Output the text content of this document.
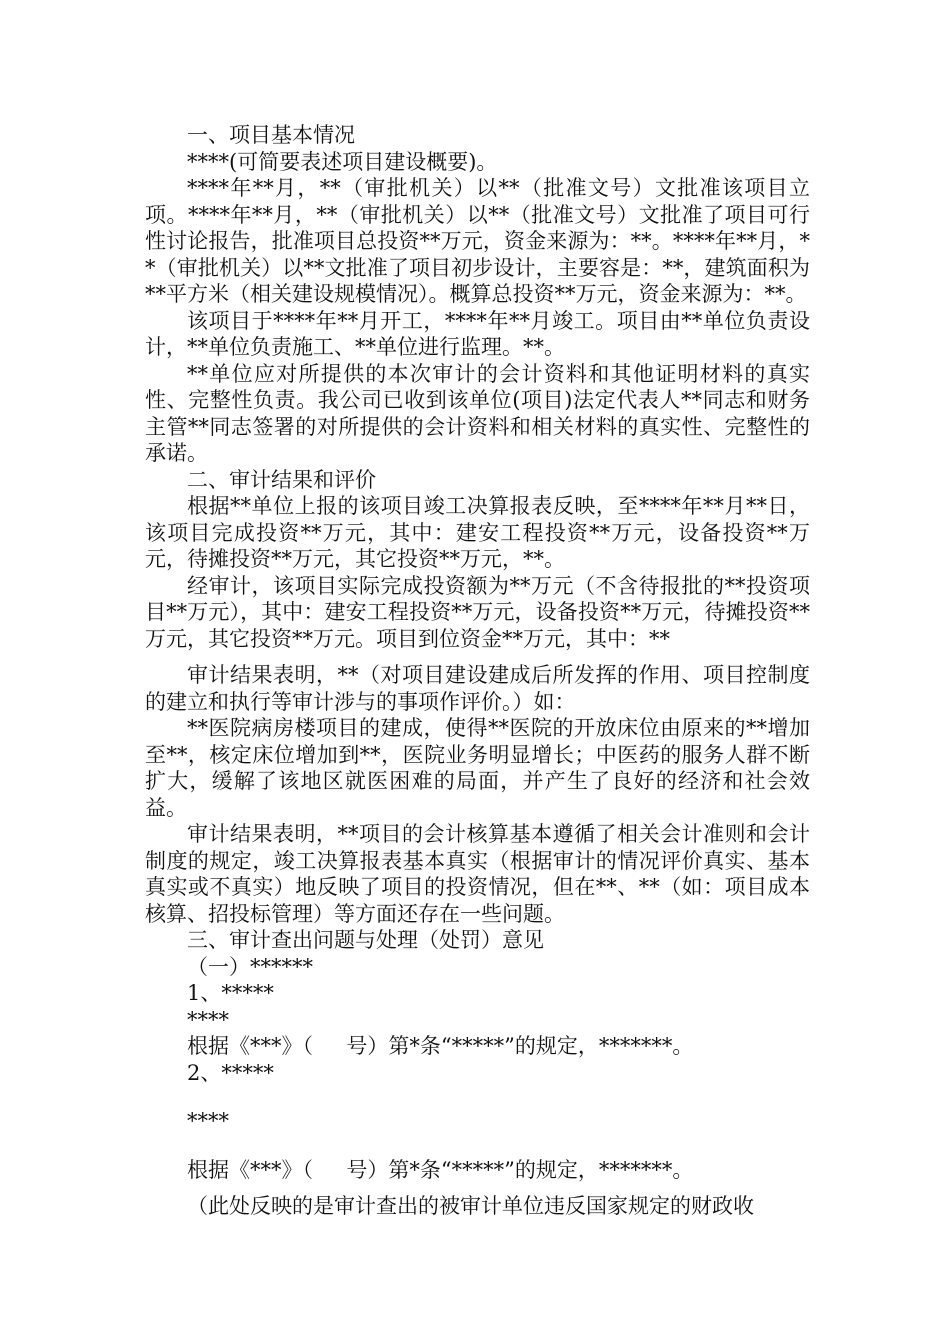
一、项目基本情况

****(可简要表述项目建设概要)。

****年**月，**（审批机关）以**（批准文号）文批准该项目立项。****年**月，**（审批机关）以**（批准文号）文批准了项目可行性讨论报告，批准项目总投资**万元，资金来源为：**。****年**月，**（审批机关）以**文批准了项目初步设计，主要容是：**，建筑面积为**平方米（相关建设规模情况）。概算总投资**万元，资金来源为：**。

该项目于****年**月开工，****年**月竣工。项目由**单位负责设计，**单位负责施工、**单位进行监理。**。

**单位应对所提供的本次审计的会计资料和其他证明材料的真实性、完整性负责。我公司已收到该单位(项目)法定代表人**同志和财务主管**同志签署的对所提供的会计资料和相关材料的真实性、完整性的承诺。

二、审计结果和评价

根据**单位上报的该项目竣工决算报表反映，至****年**月**日，该项目完成投资**万元，其中：建安工程投资**万元，设备投资**万元，待摊投资**万元，其它投资**万元，**。

经审计，该项目实际完成投资额为**万元（不含待报批的**投资项目**万元），其中：建安工程投资**万元，设备投资**万元，待摊投资**万元，其它投资**万元。项目到位资金**万元，其中：**

审计结果表明，**（对项目建设建成后所发挥的作用、项目控制度的建立和执行等审计涉与的事项作评价。）如：

**医院病房楼项目的建成，使得**医院的开放床位由原来的**增加至**，核定床位增加到**，医院业务明显增长；中医药的服务人群不断扩大，缓解了该地区就医困难的局面，并产生了良好的经济和社会效益。

审计结果表明，**项目的会计核算基本遵循了相关会计准则和会计制度的规定，竣工决算报表基本真实（根据审计的情况评价真实、基本真实或不真实）地反映了项目的投资情况，但在**、**（如：项目成本核算、招投标管理）等方面还存在一些问题。

三、审计查出问题与处理（处罚）意见

（一）******

1、*****

****

根据《***》（     号）第*条“*****”的规定，*******。

2、*****

****

根据《***》（     号）第*条“*****”的规定，*******。

（此处反映的是审计查出的被审计单位违反国家规定的财政收
